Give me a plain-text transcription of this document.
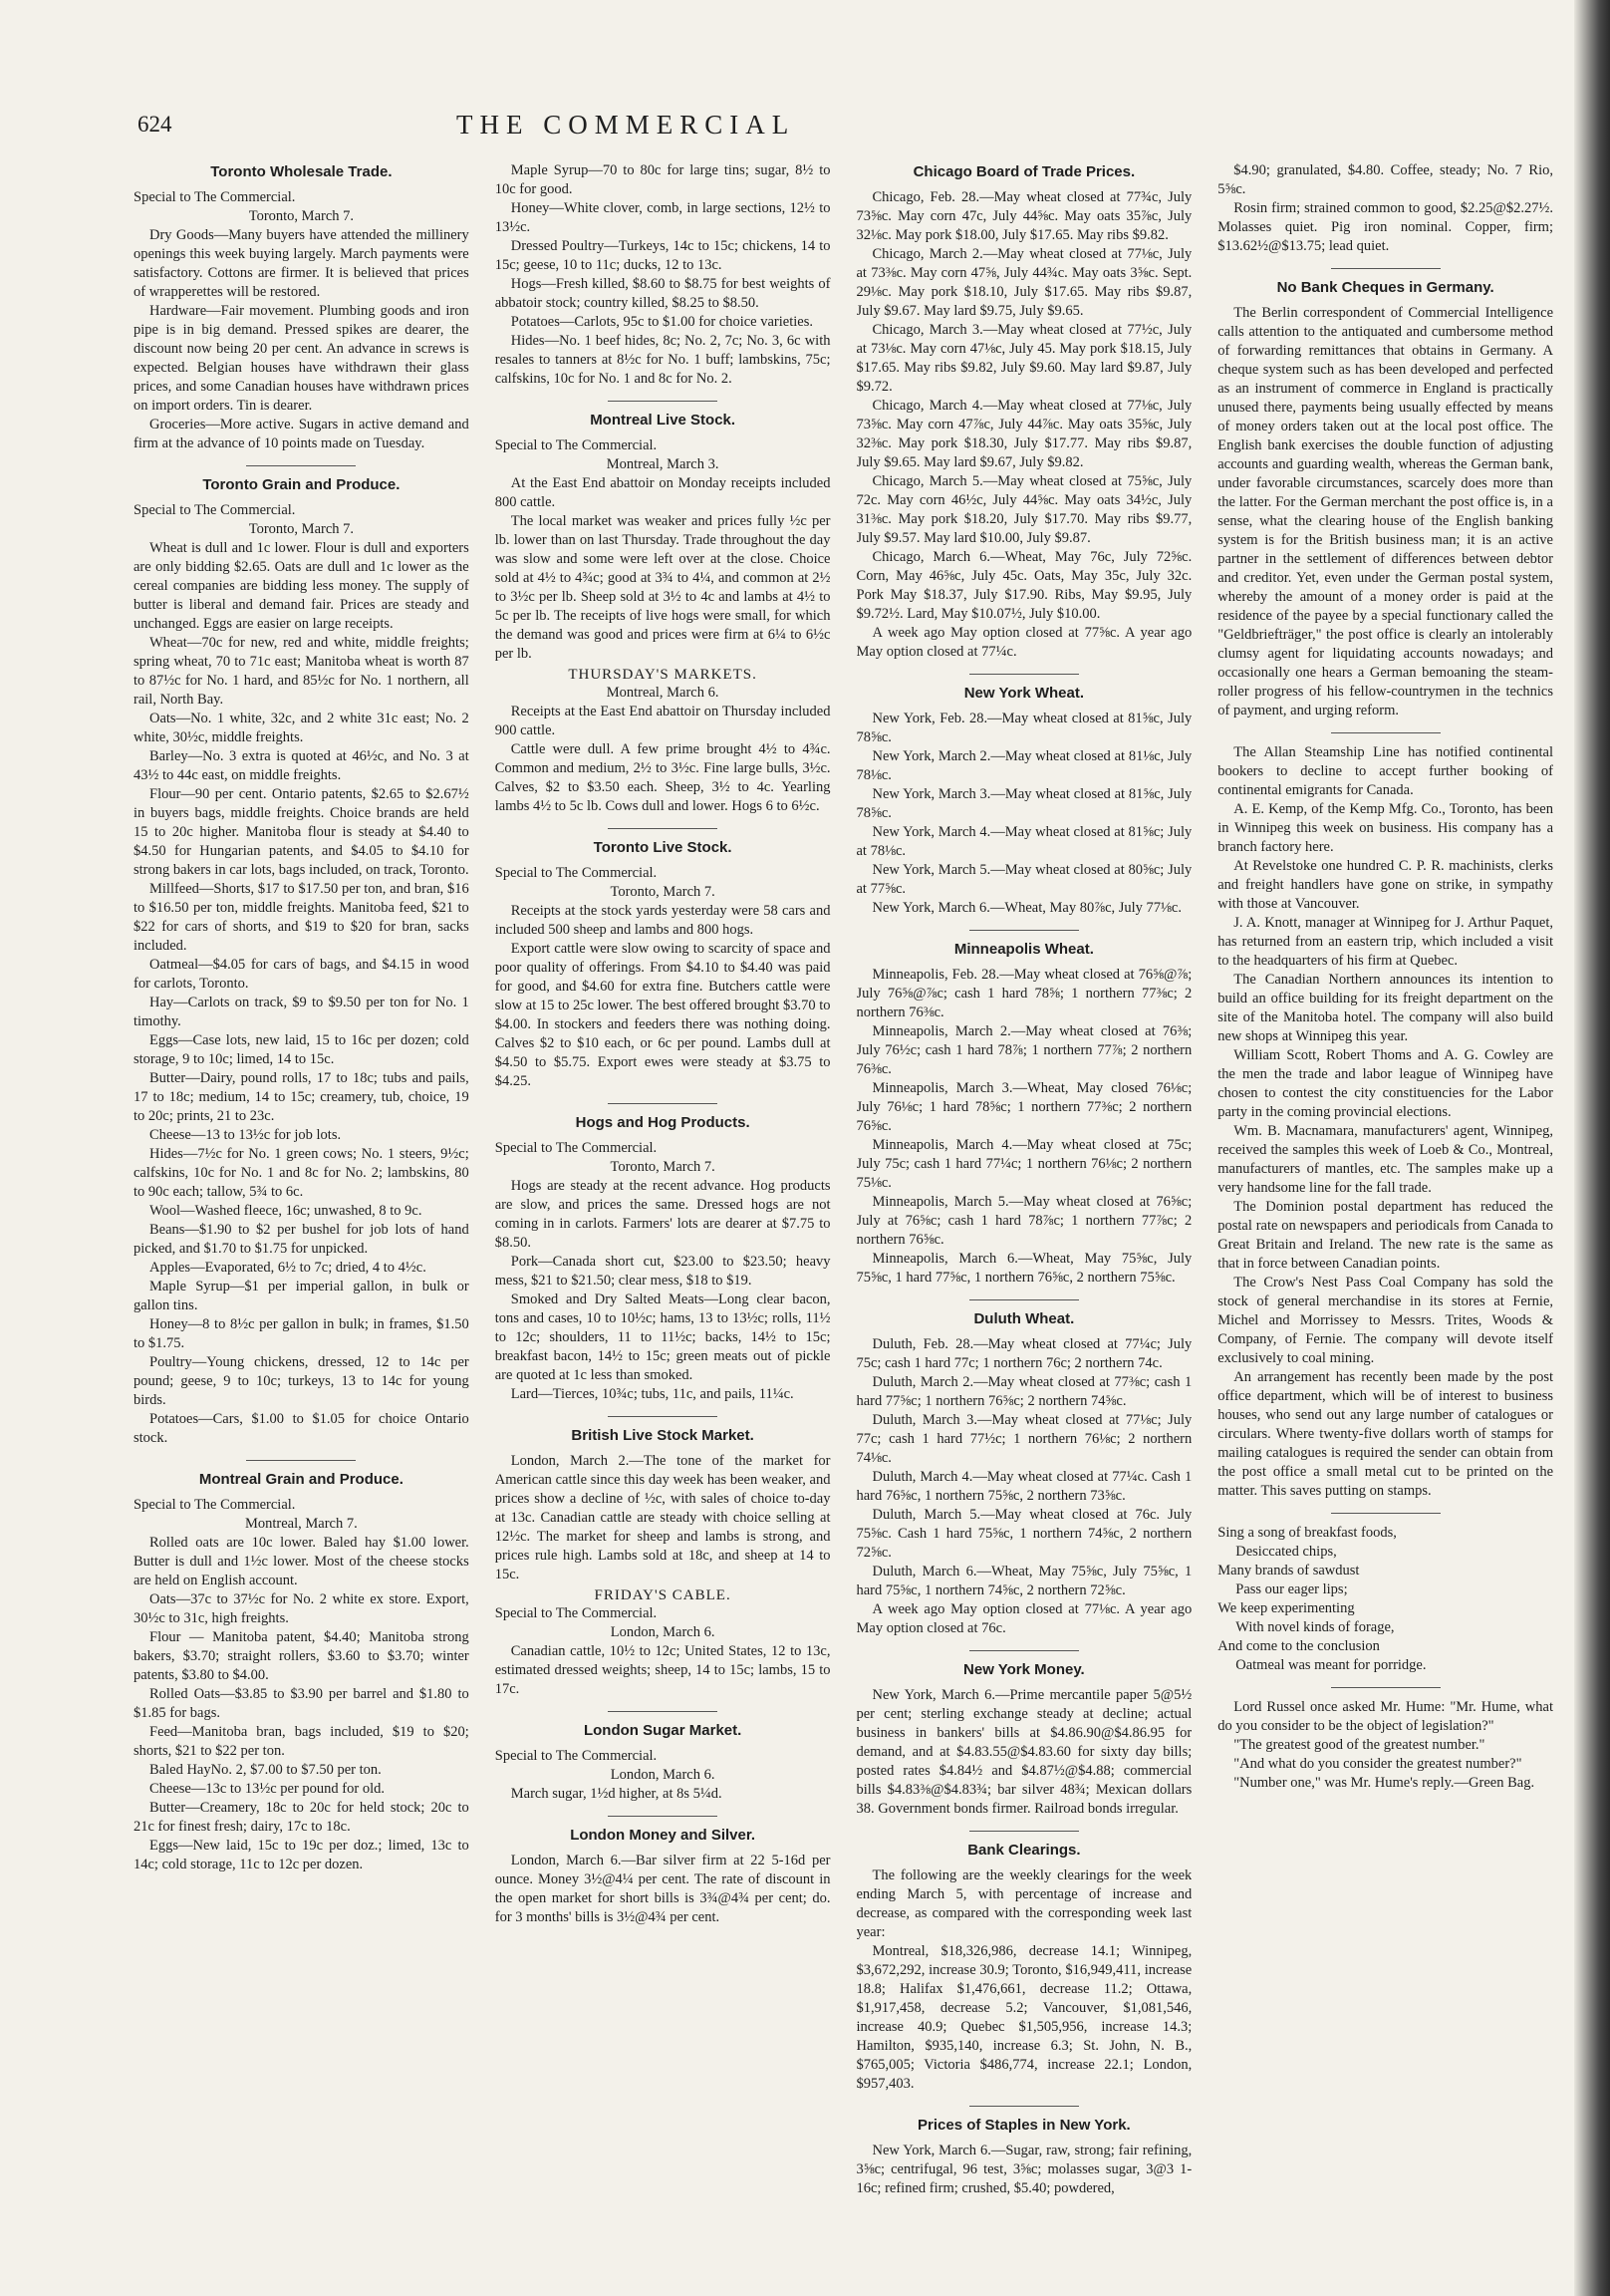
624	THE COMMERCIAL
Toronto Wholesale Trade.
Special to The Commercial.
Toronto, March 7.
Dry Goods—Many buyers have attended the millinery openings this week buying largely. March payments were satisfactory. Cottons are firmer. It is believed that prices of wrapperettes will be restored.
Hardware—Fair movement. Plumbing goods and iron pipe is in big demand. Pressed spikes are dearer, the discount now being 20 per cent. An advance in screws is expected. Belgian houses have withdrawn their glass prices, and some Canadian houses have withdrawn prices on import orders. Tin is dearer.
Groceries—More active. Sugars in active demand and firm at the advance of 10 points made on Tuesday.
Toronto Grain and Produce.
Special to The Commercial.
Toronto, March 7.
Wheat is dull and 1c lower. Flour is dull and exporters are only bidding $2.65. Oats are dull and 1c lower as the cereal companies are bidding less money. The supply of butter is liberal and demand fair. Prices are steady and unchanged. Eggs are easier on large receipts.
Wheat—70c for new, red and white, middle freights; spring wheat, 70 to 71c east; Manitoba wheat is worth 87 to 87½c for No. 1 hard, and 85½c for No. 1 northern, all rail, North Bay.
Oats—No. 1 white, 32c, and 2 white 31c east; No. 2 white, 30½c, middle freights.
Barley—No. 3 extra is quoted at 46½c, and No. 3 at 43½ to 44c east, on middle freights.
Flour—90 per cent. Ontario patents, $2.65 to $2.67½ in buyers bags, middle freights. Choice brands are held 15 to 20c higher. Manitoba flour is steady at $4.40 to $4.50 for Hungarian patents, and $4.05 to $4.10 for strong bakers in car lots, bags included, on track, Toronto.
Millfeed—Shorts, $17 to $17.50 per ton, and bran, $16 to $16.50 per ton, middle freights. Manitoba feed, $21 to $22 for cars of shorts, and $19 to $20 for bran, sacks included.
Oatmeal—$4.05 for cars of bags, and $4.15 in wood for carlots, Toronto.
Hay—Carlots on track, $9 to $9.50 per ton for No. 1 timothy.
Eggs—Case lots, new laid, 15 to 16c per dozen; cold storage, 9 to 10c; limed, 14 to 15c.
Butter—Dairy, pound rolls, 17 to 18c; tubs and pails, 17 to 18c; medium, 14 to 15c; creamery, tub, choice, 19 to 20c; prints, 21 to 23c.
Cheese—13 to 13½c for job lots.
Hides—7½c for No. 1 green cows; No. 1 steers, 9½c; calfskins, 10c for No. 1 and 8c for No. 2; lambskins, 80 to 90c each; tallow, 5¾ to 6c.
Wool—Washed fleece, 16c; unwashed, 8 to 9c.
Beans—$1.90 to $2 per bushel for job lots of hand picked, and $1.70 to $1.75 for unpicked.
Apples—Evaporated, 6½ to 7c; dried, 4 to 4½c.
Maple Syrup—$1 per imperial gallon, in bulk or gallon tins.
Honey—8 to 8½c per gallon in bulk; in frames, $1.50 to $1.75.
Poultry—Young chickens, dressed, 12 to 14c per pound; geese, 9 to 10c; turkeys, 13 to 14c for young birds.
Potatoes—Cars, $1.00 to $1.05 for choice Ontario stock.
Montreal Grain and Produce.
Special to The Commercial.
Montreal, March 7.
Rolled oats are 10c lower. Baled hay $1.00 lower. Butter is dull and 1½c lower. Most of the cheese stocks are held on English account.
Oats—37c to 37½c for No. 2 white ex store. Export, 30½c to 31c, high freights.
Flour — Manitoba patent, $4.40; Manitoba strong bakers, $3.70; straight rollers, $3.60 to $3.70; winter patents, $3.80 to $4.00.
Rolled Oats—$3.85 to $3.90 per barrel and $1.80 to $1.85 for bags.
Feed—Manitoba bran, bags included, $19 to $20; shorts, $21 to $22 per ton.
Baled HayNo. 2, $7.00 to $7.50 per ton.
Cheese—13c to 13½c per pound for old.
Butter—Creamery, 18c to 20c for held stock; 20c to 21c for finest fresh; dairy, 17c to 18c.
Eggs—New laid, 15c to 19c per doz.; limed, 13c to 14c; cold storage, 11c to 12c per dozen.
Maple Syrup—70 to 80c for large tins; sugar, 8½ to 10c for good.
Honey—White clover, comb, in large sections, 12½ to 13½c.
Dressed Poultry—Turkeys, 14c to 15c; chickens, 14 to 15c; geese, 10 to 11c; ducks, 12 to 13c.
Hogs—Fresh killed, $8.60 to $8.75 for best weights of abbatoir stock; country killed, $8.25 to $8.50.
Potatoes—Carlots, 95c to $1.00 for choice varieties.
Hides—No. 1 beef hides, 8c; No. 2, 7c; No. 3, 6c with resales to tanners at 8½c for No. 1 buff; lambskins, 75c; calfskins, 10c for No. 1 and 8c for No. 2.
Montreal Live Stock.
Special to The Commercial.
Montreal, March 3.
At the East End abattoir on Monday receipts included 800 cattle.
The local market was weaker and prices fully ½c per lb. lower than on last Thursday. Trade throughout the day was slow and some were left over at the close. Choice sold at 4½ to 4¾c; good at 3¾ to 4¼, and common at 2½ to 3½c per lb. Sheep sold at 3½ to 4c and lambs at 4½ to 5c per lb. The receipts of live hogs were small, for which the demand was good and prices were firm at 6¼ to 6½c per lb.
THURSDAY'S MARKETS.
Montreal, March 6.
Receipts at the East End abattoir on Thursday included 900 cattle.
Cattle were dull. A few prime brought 4½ to 4¾c. Common and medium, 2½ to 3½c. Fine large bulls, 3½c. Calves, $2 to $3.50 each. Sheep, 3½ to 4c. Yearling lambs 4½ to 5c lb. Cows dull and lower. Hogs 6 to 6½c.
Toronto Live Stock.
Special to The Commercial.
Toronto, March 7.
Receipts at the stock yards yesterday were 58 cars and included 500 sheep and lambs and 800 hogs.
Export cattle were slow owing to scarcity of space and poor quality of offerings. From $4.10 to $4.40 was paid for good, and $4.60 for extra fine. Butchers cattle were slow at 15 to 25c lower. The best offered brought $3.70 to $4.00. In stockers and feeders there was nothing doing. Calves $2 to $10 each, or 6c per pound. Lambs dull at $4.50 to $5.75. Export ewes were steady at $3.75 to $4.25.
Hogs and Hog Products.
Special to The Commercial.
Toronto, March 7.
Hogs are steady at the recent advance. Hog products are slow, and prices the same. Dressed hogs are not coming in in carlots. Farmers' lots are dearer at $7.75 to $8.50.
Pork—Canada short cut, $23.00 to $23.50; heavy mess, $21 to $21.50; clear mess, $18 to $19.
Smoked and Dry Salted Meats—Long clear bacon, tons and cases, 10 to 10½c; hams, 13 to 13½c; rolls, 11½ to 12c; shoulders, 11 to 11½c; backs, 14½ to 15c; breakfast bacon, 14½ to 15c; green meats out of pickle are quoted at 1c less than smoked.
Lard—Tierces, 10¾c; tubs, 11c, and pails, 11¼c.
British Live Stock Market.
London, March 2.—The tone of the market for American cattle since this day week has been weaker, and prices show a decline of ½c, with sales of choice to-day at 13c. Canadian cattle are steady with choice selling at 12½c. The market for sheep and lambs is strong, and prices rule high. Lambs sold at 18c, and sheep at 14 to 15c.
FRIDAY'S CABLE.
Special to The Commercial.
London, March 6.
Canadian cattle, 10½ to 12c; United States, 12 to 13c, estimated dressed weights; sheep, 14 to 15c; lambs, 15 to 17c.
London Sugar Market.
Special to The Commercial.
London, March 6.
March sugar, 1½d higher, at 8s 5¼d.
London Money and Silver.
London, March 6.—Bar silver firm at 22 5-16d per ounce. Money 3½@4¼ per cent. The rate of discount in the open market for short bills is 3¾@4¾ per cent; do. for 3 months' bills is 3½@4¾ per cent.
Chicago Board of Trade Prices.
Chicago, Feb. 28.—May wheat closed at 77¾c, July 73⅝c. May corn 47c, July 44⅝c. May oats 35⅞c, July 32⅛c. May pork $18.00, July $17.65. May ribs $9.82.
Chicago, March 2.—May wheat closed at 77⅛c, July at 73⅜c. May corn 47⅝, July 44¾c. May oats 3⅝c. Sept. 29⅛c. May pork $18.10, July $17.65. May ribs $9.87, July $9.67. May lard $9.75, July $9.65.
Chicago, March 3.—May wheat closed at 77½c, July at 73⅛c. May corn 47⅛c, July 45. May pork $18.15, July $17.65. May ribs $9.82, July $9.60. May lard $9.87, July $9.72.
Chicago, March 4.—May wheat closed at 77⅛c, July 73⅝c. May corn 47⅞c, July 44⅞c. May oats 35⅝c, July 32⅜c. May pork $18.30, July $17.77. May ribs $9.87, July $9.65. May lard $9.67, July $9.82.
Chicago, March 5.—May wheat closed at 75⅝c, July 72c. May corn 46½c, July 44⅝c. May oats 34½c, July 31⅜c. May pork $18.20, July $17.70. May ribs $9.77, July $9.57. May lard $10.00, July $9.87.
Chicago, March 6.—Wheat, May 76c, July 72⅝c. Corn, May 46⅝c, July 45c. Oats, May 35c, July 32c. Pork May $18.37, July $17.90. Ribs, May $9.95, July $9.72½. Lard, May $10.07½, July $10.00.
A week ago May option closed at 77⅝c. A year ago May option closed at 77¼c.
New York Wheat.
New York, Feb. 28.—May wheat closed at 81⅝c, July 78⅝c.
New York, March 2.—May wheat closed at 81⅛c, July 78⅛c.
New York, March 3.—May wheat closed at 81⅝c, July 78⅝c.
New York, March 4.—May wheat closed at 81⅝c; July at 78⅛c.
New York, March 5.—May wheat closed at 80⅝c; July at 77⅝c.
New York, March 6.—Wheat, May 80⅞c, July 77⅛c.
Minneapolis Wheat.
Minneapolis, Feb. 28.—May wheat closed at 76⅝@⅞; July 76⅝@⅞c; cash 1 hard 78⅝; 1 northern 77⅜c; 2 northern 76⅜c.
Minneapolis, March 2.—May wheat closed at 76⅜; July 76½c; cash 1 hard 78⅞; 1 northern 77⅞; 2 northern 76⅜c.
Minneapolis, March 3.—Wheat, May closed 76⅛c; July 76⅛c; 1 hard 78⅝c; 1 northern 77⅜c; 2 northern 76⅝c.
Minneapolis, March 4.—May wheat closed at 75c; July 75c; cash 1 hard 77¼c; 1 northern 76⅛c; 2 northern 75⅛c.
Minneapolis, March 5.—May wheat closed at 76⅝c; July at 76⅝c; cash 1 hard 78⅞c; 1 northern 77⅞c; 2 northern 76⅝c.
Minneapolis, March 6.—Wheat, May 75⅝c, July 75⅝c, 1 hard 77⅝c, 1 northern 76⅝c, 2 northern 75⅝c.
Duluth Wheat.
Duluth, Feb. 28.—May wheat closed at 77¼c; July 75c; cash 1 hard 77c; 1 northern 76c; 2 northern 74c.
Duluth, March 2.—May wheat closed at 77⅜c; cash 1 hard 77⅝c; 1 northern 76⅝c; 2 northern 74⅝c.
Duluth, March 3.—May wheat closed at 77⅛c; July 77c; cash 1 hard 77½c; 1 northern 76⅛c; 2 northern 74⅛c.
Duluth, March 4.—May wheat closed at 77¼c. Cash 1 hard 76⅝c, 1 northern 75⅝c, 2 northern 73⅝c.
Duluth, March 5.—May wheat closed at 76c. July 75⅝c. Cash 1 hard 75⅝c, 1 northern 74⅝c, 2 northern 72⅝c.
Duluth, March 6.—Wheat, May 75⅝c, July 75⅝c, 1 hard 75⅝c, 1 northern 74⅝c, 2 northern 72⅝c.
A week ago May option closed at 77⅛c. A year ago May option closed at 76c.
New York Money.
New York, March 6.—Prime mercantile paper 5@5½ per cent; sterling exchange steady at decline; actual business in bankers' bills at $4.86.90@$4.86.95 for demand, and at $4.83.55@$4.83.60 for sixty day bills; posted rates $4.84½ and $4.87½@$4.88; commercial bills $4.83⅜@$4.83¾; bar silver 48¾; Mexican dollars 38. Government bonds firmer. Railroad bonds irregular.
Bank Clearings.
The following are the weekly clearings for the week ending March 5, with percentage of increase and decrease, as compared with the corresponding week last year:
Montreal, $18,326,986, decrease 14.1; Winnipeg, $3,672,292, increase 30.9; Toronto, $16,949,411, increase 18.8; Halifax $1,476,661, decrease 11.2; Ottawa, $1,917,458, decrease 5.2; Vancouver, $1,081,546, increase 40.9; Quebec $1,505,956, increase 14.3; Hamilton, $935,140, increase 6.3; St. John, N. B., $765,005; Victoria $486,774, increase 22.1; London, $957,403.
Prices of Staples in New York.
New York, March 6.—Sugar, raw, strong; fair refining, 3⅝c; centrifugal, 96 test, 3⅝c; molasses sugar, 3@3 1-16c; refined firm; crushed, $5.40; powdered,
$4.90; granulated, $4.80. Coffee, steady; No. 7 Rio, 5⅝c.
Rosin firm; strained common to good, $2.25@$2.27½. Molasses quiet. Pig iron nominal. Copper, firm; $13.62½@$13.75; lead quiet.
No Bank Cheques in Germany.
The Berlin correspondent of Commercial Intelligence calls attention to the antiquated and cumbersome method of forwarding remittances that obtains in Germany. A cheque system such as has been developed and perfected as an instrument of commerce in England is practically unused there, payments being usually effected by means of money orders taken out at the local post office. The English bank exercises the double function of adjusting accounts and guarding wealth, whereas the German bank, under favorable circumstances, scarcely does more than the latter. For the German merchant the post office is, in a sense, what the clearing house of the English banking system is for the British business man; it is an active partner in the settlement of differences between debtor and creditor. Yet, even under the German postal system, whereby the amount of a money order is paid at the residence of the payee by a special functionary called the "Geldbriefträger," the post office is clearly an intolerably clumsy agent for liquidating accounts nowadays; and occasionally one hears a German bemoaning the steam-roller progress of his fellow-countrymen in the technics of payment, and urging reform.
The Allan Steamship Line has notified continental bookers to decline to accept further booking of continental emigrants for Canada.
A. E. Kemp, of the Kemp Mfg. Co., Toronto, has been in Winnipeg this week on business. His company has a branch factory here.
At Revelstoke one hundred C. P. R. machinists, clerks and freight handlers have gone on strike, in sympathy with those at Vancouver.
J. A. Knott, manager at Winnipeg for J. Arthur Paquet, has returned from an eastern trip, which included a visit to the headquarters of his firm at Quebec.
The Canadian Northern announces its intention to build an office building for its freight department on the site of the Manitoba hotel. The company will also build new shops at Winnipeg this year.
William Scott, Robert Thoms and A. G. Cowley are the men the trade and labor league of Winnipeg have chosen to contest the city constituencies for the Labor party in the coming provincial elections.
Wm. B. Macnamara, manufacturers' agent, Winnipeg, received the samples this week of Loeb & Co., Montreal, manufacturers of mantles, etc. The samples make up a very handsome line for the fall trade.
The Dominion postal department has reduced the postal rate on newspapers and periodicals from Canada to Great Britain and Ireland. The new rate is the same as that in force between Canadian points.
The Crow's Nest Pass Coal Company has sold the stock of general merchandise in its stores at Fernie, Michel and Morrissey to Messrs. Trites, Woods & Company, of Fernie. The company will devote itself exclusively to coal mining.
An arrangement has recently been made by the post office department, which will be of interest to business houses, who send out any large number of catalogues or circulars. Where twenty-five dollars worth of stamps for mailing catalogues is required the sender can obtain from the post office a small metal cut to be printed on the matter. This saves putting on stamps.
Sing a song of breakfast foods,
Desiccated chips,
Many brands of sawdust
Pass our eager lips;
We keep experimenting
With novel kinds of forage,
And come to the conclusion
Oatmeal was meant for porridge.
Lord Russel once asked Mr. Hume: "Mr. Hume, what do you consider to be the object of legislation?"
"The greatest good of the greatest number."
"And what do you consider the greatest number?"
"Number one," was Mr. Hume's reply.—Green Bag.
